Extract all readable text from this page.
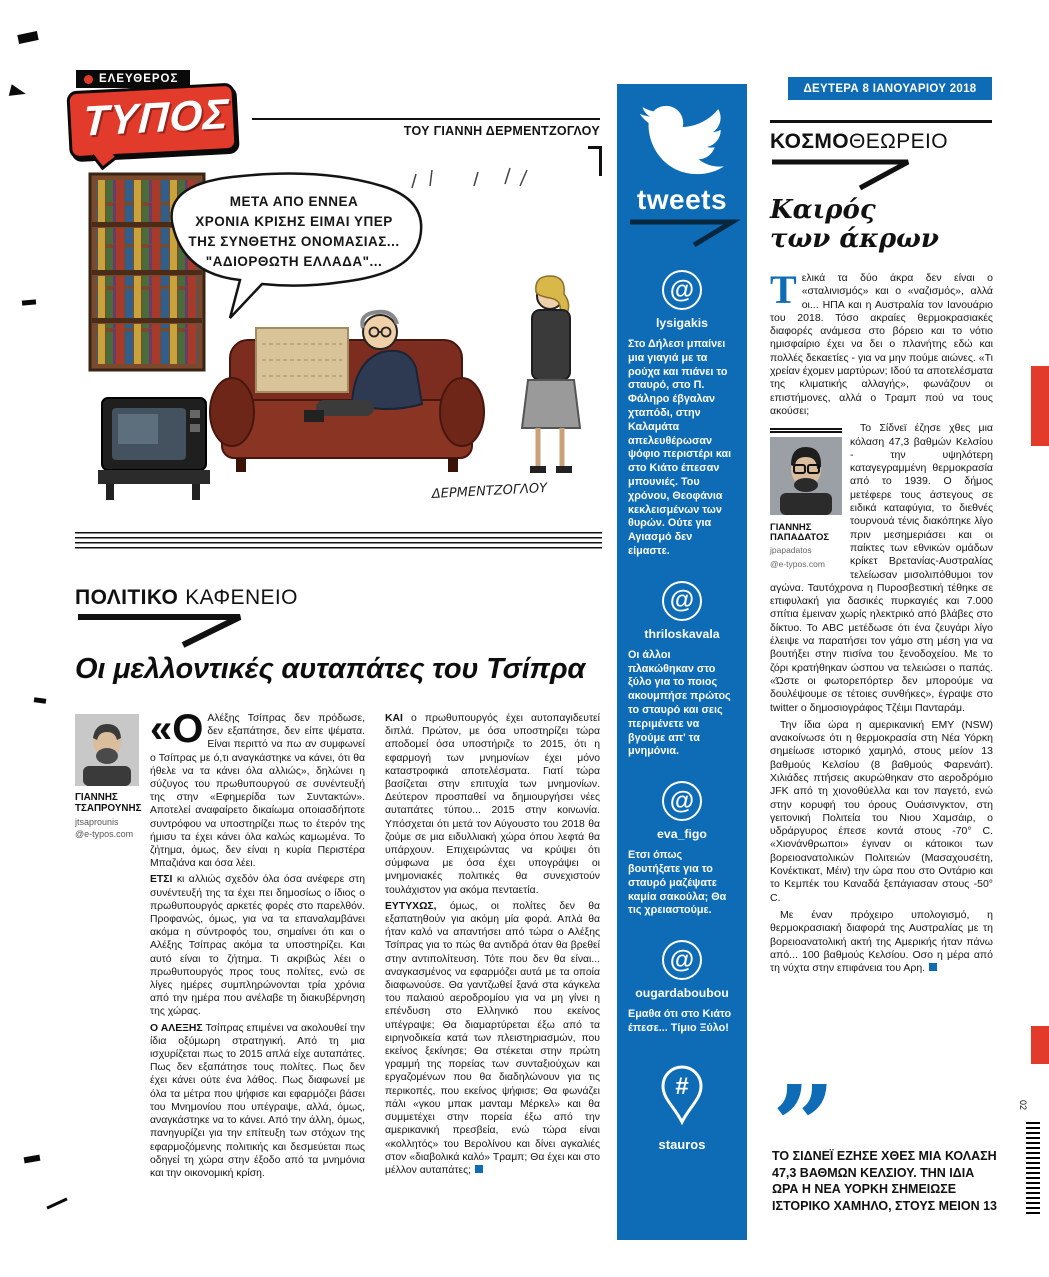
ΕΛΕΥΘΕΡΟΣ
ΤΥΠΟΣ	ΤΟΥ ΓΙΑΝΝΗ ΔΕΡΜΕΝΤΖΟΓΛΟΥ
ΜΕΤΑ ΑΠΟ ΕΝΝΕΑ
ΧΡΟΝΙΑ ΚΡΙΣΗΣ ΕΙΜΑΙ ΥΠΕΡ
ΤΗΣ ΣΥΝΘΕΤΗΣ ΟΝΟΜΑΣΙΑΣ...
"ΑΔΙΟΡΘΩΤΗ ΕΛΛΑΔΑ"...
ΔΕΡΜΕΝΤΖΟΓΛΟΥ
ΠΟΛΙΤΙΚΟ ΚΑΦΕΝΕΙΟ
Οι μελλοντικές αυταπάτες του Τσίπρα
ΓΙΑΝΝΗΣ ΤΣΑΠΡΟΥΝΗΣ
jtsaprounis
@e-typos.com

«Ο Αλέξης Τσίπρας δεν πρόδωσε, δεν εξαπάτησε, δεν είπε ψέματα. Είναι περιττό να πω αν συμφωνεί ο Τσίπρας με ό,τι αναγκάστηκε να κάνει, ότι θα ήθελε να τα κάνει όλα αλλιώς», δηλώνει η σύζυγος του πρωθυπουργού σε συνέντευξή της στην «Εφημερίδα των Συντακτών». Αποτελεί αναφαίρετο δικαίωμα οποιασδήποτε συντρόφου να υποστηρίζει πως το έτερόν της ήμισυ τα έχει κάνει όλα καλώς καμωμένα. Το ζήτημα, όμως, δεν είναι η κυρία Περιστέρα Μπαζιάνα και όσα λέει.

ΕΤΣΙ κι αλλιώς σχεδόν όλα όσα ανέφερε στη συνέντευξή της τα έχει πει δημοσίως ο ίδιος ο πρωθυπουργός αρκετές φορές στο παρελθόν. Προφανώς, όμως, για να τα επαναλαμβάνει ακόμα η σύντροφός του, σημαίνει ότι και ο Αλέξης Τσίπρας ακόμα τα υποστηρίζει. Και αυτό είναι το ζήτημα. Τι ακριβώς λέει ο πρωθυπουργός προς τους πολίτες, ενώ σε λίγες ημέρες συμπληρώνονται τρία χρόνια από την ημέρα που ανέλαβε τη διακυβέρνηση της χώρας.

Ο ΑΛΕΞΗΣ Τσίπρας επιμένει να ακολουθεί την ίδια οξύμωρη στρατηγική. Από τη μια ισχυρίζεται πως το 2015 απλά είχε αυταπάτες. Πως δεν εξαπάτησε τους πολίτες. Πως δεν έχει κάνει ούτε ένα λάθος. Πως διαφωνεί με όλα τα μέτρα που ψήφισε και εφαρμόζει βάσει του Μνημονίου που υπέγραψε, αλλά, όμως, αναγκάστηκε να το κάνει. Από την άλλη, όμως, πανηγυρίζει για την επίτευξη των στόχων της εφαρμοζόμενης πολιτικής και δεσμεύεται πως οδηγεί τη χώρα στην έξοδο από τα μνημόνια και την οικονομική κρίση.

ΚΑΙ ο πρωθυπουργός έχει αυτοπαγιδευτεί διπλά. Πρώτον, με όσα υποστηρίζει τώρα αποδομεί όσα υποστήριζε το 2015, ότι η εφαρμογή των μνημονίων έχει μόνο καταστροφικά αποτελέσματα. Γιατί τώρα βασίζεται στην επιτυχία των μνημονίων. Δεύτερον προσπαθεί να δημιουργήσει νέες αυταπάτες τύπου... 2015 στην κοινωνία. Υπόσχεται ότι μετά τον Αύγουστο του 2018 θα ζούμε σε μια ειδυλλιακή χώρα όπου λεφτά θα υπάρχουν. Επιχειρώντας να κρύψει ότι σύμφωνα με όσα έχει υπογράψει οι μνημονιακές πολιτικές θα συνεχιστούν τουλάχιστον για ακόμα πενταετία.

ΕΥΤΥΧΩΣ, όμως, οι πολίτες δεν θα εξαπατηθούν για ακόμη μία φορά. Απλά θα ήταν καλό να απαντήσει από τώρα ο Αλέξης Τσίπρας για το πώς θα αντιδρά όταν θα βρεθεί στην αντιπολίτευση. Τότε που δεν θα είναι... αναγκασμένος να εφαρμόζει αυτά με τα οποία διαφωνούσε. Θα γαντζωθεί ξανά στα κάγκελα του παλαιού αεροδρομίου για να μη γίνει η επένδυση στο Ελληνικό που εκείνος υπέγραψε; Θα διαμαρτύρεται έξω από τα ειρηνοδικεία κατά των πλειστηριασμών, που εκείνος ξεκίνησε; Θα στέκεται στην πρώτη γραμμή της πορείας των συνταξιούχων και εργαζομένων που θα διαδηλώνουν για τις περικοπές, που εκείνος ψήφισε; Θα φωνάζει πάλι «γκου μπακ μανταμ Μέρκελ» και θα συμμετέχει στην πορεία έξω από την αμερικανική πρεσβεία, ενώ τώρα είναι «κολλητός» του Βερολίνου και δίνει αγκαλιές στον «διαβολικά καλό» Τραμπ; Θα έχει και στο μέλλον αυταπάτες;

tweets
@
lysigakis
Στο Δήλεσι μπαίνει μια γιαγιά με τα ρούχα και πιάνει το σταυρό, στο Π. Φάληρο έβγαλαν χταπόδι, στην Καλαμάτα απελευθέρωσαν ψόφιο περιστέρι και στο Κιάτο έπεσαν μπουνιές. Του χρόνου, Θεοφάνια κεκλεισμένων των θυρών. Ούτε για Αγιασμό δεν είμαστε.
@
thriloskavala
Οι άλλοι πλακώθηκαν στο ξύλο για το ποιος ακουμπήσε πρώτος το σταυρό και σεις περιμένετε να βγούμε απ' τα μνημόνια.
@
eva_figo
Ετσι όπως βουτήξατε για το σταυρό μαζέψατε καμία σακούλα; Θα τις χρειαστούμε.
@
ougardaboubou
Εμαθα ότι στο Κιάτο έπεσε... Τίμιο Ξύλο!
#
stauros
ΔΕΥΤΕΡΑ 8 ΙΑΝΟΥΑΡΙΟΥ 2018
ΚΟΣΜΟ ΘΕΩΡΕΙΟ
Καιρός των άκρων

Τελικά τα δύο άκρα δεν είναι ο «σταλινισμός» και ο «ναζισμός», αλλά οι... ΗΠΑ και η Αυστραλία τον Ιανουάριο του 2018. Τόσο ακραίες θερμοκρασιακές διαφορές ανάμεσα στο βόρειο και το νότιο ημισφαίριο έχει να δει ο πλανήτης εδώ και πολλές δεκαετίες - για να μην πούμε αιώνες. «Τι χρείαν έχομεν μαρτύρων; Ιδού τα αποτελέσματα της κλιματικής αλλαγής», φωνάζουν οι επιστήμονες, αλλά ο Τραμπ πού να τους ακούσει;

ΓΙΑΝΝΗΣ ΠΑΠΑΔΑΤΟΣ
jpapadatos
@e-typos.com

Το Σίδνεϊ έζησε χθες μια κόλαση 47,3 βαθμών Κελσίου - την υψηλότερη καταγεγραμμένη θερμοκρασία από το 1939. Ο δήμος μετέφερε τους άστεγους σε ειδικά καταφύγια, το διεθνές τουρνουά τένις διακόπηκε λίγο πριν μεσημεριάσει και οι παίκτες των εθνικών ομάδων κρίκετ Βρετανίας-Αυστραλίας τελείωσαν μισολιπόθυμοι τον αγώνα. Ταυτόχρονα η Πυροσβεστική τέθηκε σε επιφυλακή για δασικές πυρκαγιές και 7.000 σπίτια έμειναν χωρίς ηλεκτρικό από βλάβες στο δίκτυο. Το ABC μετέδωσε ότι ένα ζευγάρι λίγο έλειψε να παρατήσει τον γάμο στη μέση για να βουτήξει στην πισίνα του ξενοδοχείου. Με το ζόρι κρατήθηκαν ώσπου να τελειώσει ο παπάς. «Ώστε οι φωτορεπόρτερ δεν μπορούμε να δουλέψουμε σε τέτοιες συνθήκες», έγραψε στο twitter ο δημοσιογράφος Τζέιμι Πανταράμ.

Την ίδια ώρα η αμερικανική ΕΜΥ (NSW) ανακοίνωσε ότι η θερμοκρασία στη Νέα Υόρκη σημείωσε ιστορικό χαμηλό, στους μείον 13 βαθμούς Κελσίου (8 βαθμούς Φαρενάιτ). Χιλιάδες πτήσεις ακυρώθηκαν στο αεροδρόμιο JFK από τη χιονοθύελλα και τον παγετό, ενώ στην κορυφή του όρους Ουάσινγκτον, στη γειτονική Πολιτεία του Νιου Χαμσάιρ, ο υδράργυρος έπεσε κοντά στους -70° C. «Χιονάνθρωποι» έγιναν οι κάτοικοι των βορειοανατολικών Πολιτειών (Μασαχουσέτη, Κονέκτικατ, Μέιν) την ώρα που στο Οντάριο και το Κεμπέκ του Καναδά ξεπάγιασαν στους -50° C.

Με έναν πρόχειρο υπολογισμό, η θερμοκρασιακή διαφορά της Αυστραλίας με τη βορειοανατολική ακτή της Αμερικής ήταν πάνω από... 100 βαθμούς Κελσίου. Οσο η μέρα από τη νύχτα στην επιφάνεια του Αρη.

ΤΟ ΣΙΔΝΕΪ ΕΖΗΣΕ ΧΘΕΣ ΜΙΑ ΚΟΛΑΣΗ 47,3 ΒΑΘΜΩΝ ΚΕΛΣΙΟΥ. ΤΗΝ ΙΔΙΑ ΩΡΑ Η ΝΕΑ ΥΟΡΚΗ ΣΗΜΕΙΩΣΕ ΙΣΤΟΡΙΚΟ ΧΑΜΗΛΟ, ΣΤΟΥΣ ΜΕΙΟΝ 13
02
